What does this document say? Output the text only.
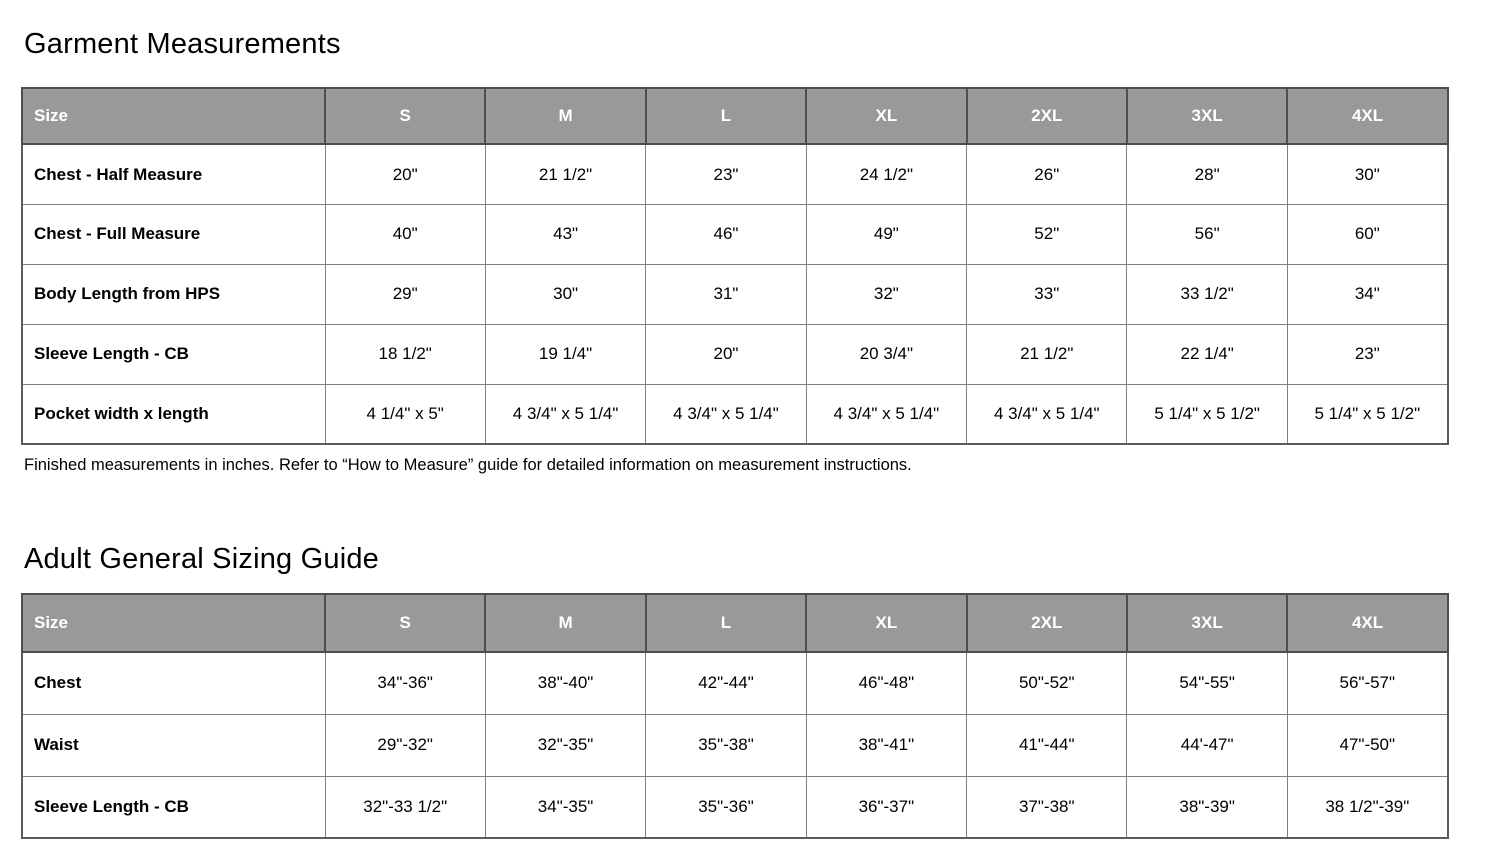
Garment Measurements
Size	S	M	L	XL	2XL	3XL	4XL
Chest - Half Measure	20"	21 1/2"	23"	24 1/2"	26"	28"	30"
Chest - Full Measure	40"	43"	46"	49"	52"	56"	60"
Body Length from HPS	29"	30"	31"	32"	33"	33 1/2"	34"
Sleeve Length - CB	18 1/2"	19 1/4"	20"	20 3/4"	21 1/2"	22 1/4"	23"
Pocket width x length	4 1/4" x 5"	4 3/4" x 5 1/4"	4 3/4" x 5 1/4"	4 3/4" x 5 1/4"	4 3/4" x 5 1/4"	5 1/4" x 5 1/2"	5 1/4" x 5 1/2"

Finished measurements in inches. Refer to “How to Measure” guide for detailed information on measurement instructions.

Adult General Sizing Guide
Size	S	M	L	XL	2XL	3XL	4XL
Chest	34"-36"	38"-40"	42"-44"	46"-48"	50"-52"	54"-55"	56"-57"
Waist	29"-32"	32"-35"	35"-38"	38"-41"	41"-44"	44'-47"	47"-50"
Sleeve Length - CB	32"-33 1/2"	34"-35"	35"-36"	36"-37"	37"-38"	38"-39"	38 1/2"-39"
